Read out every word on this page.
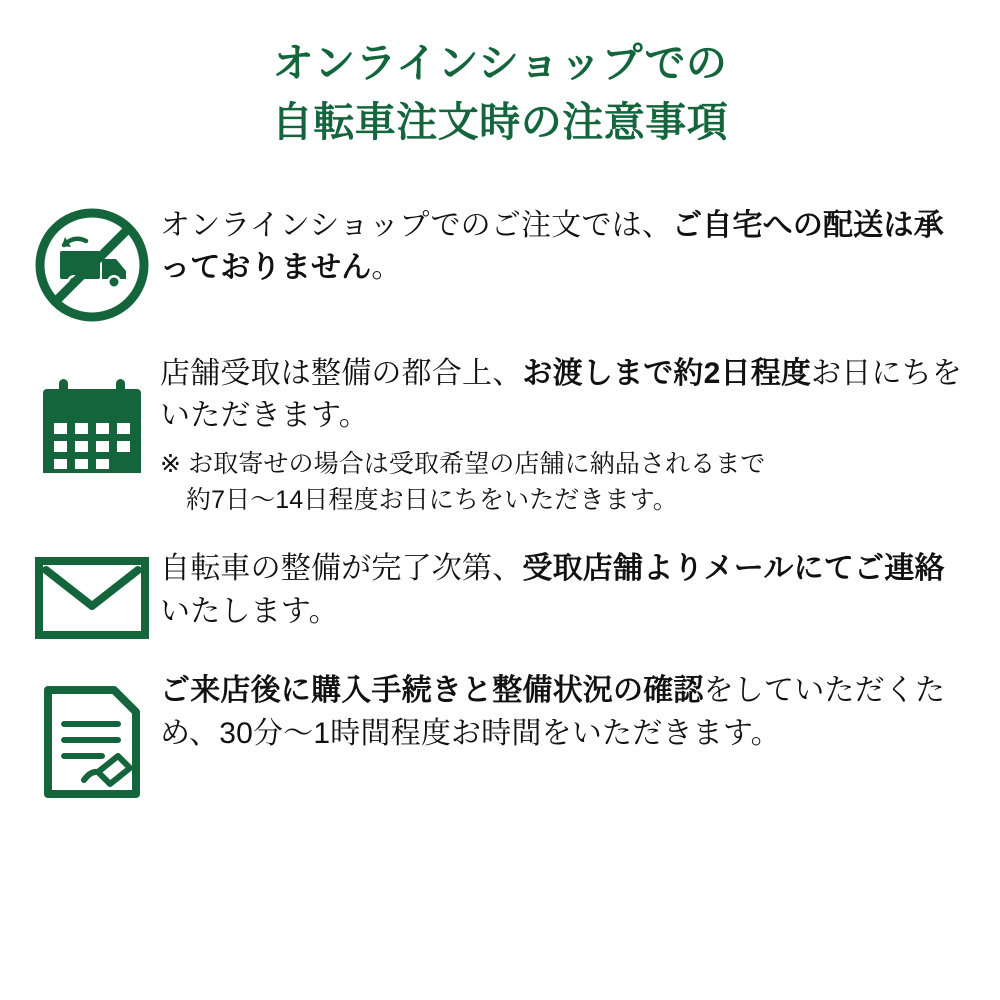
オンラインショップでの
自転車注文時の注意事項
オンラインショップでのご注文では、ご自宅への配送は承っておりません。
店舗受取は整備の都合上、お渡しまで約2日程度お日にちをいただきます。
※ お取寄せの場合は受取希望の店舗に納品されるまで
約7日〜14日程度お日にちをいただきます。
自転車の整備が完了次第、受取店舗よりメールにてご連絡いたします。
ご来店後に購入手続きと整備状況の確認をしていただくため、30分〜1時間程度お時間をいただきます。
